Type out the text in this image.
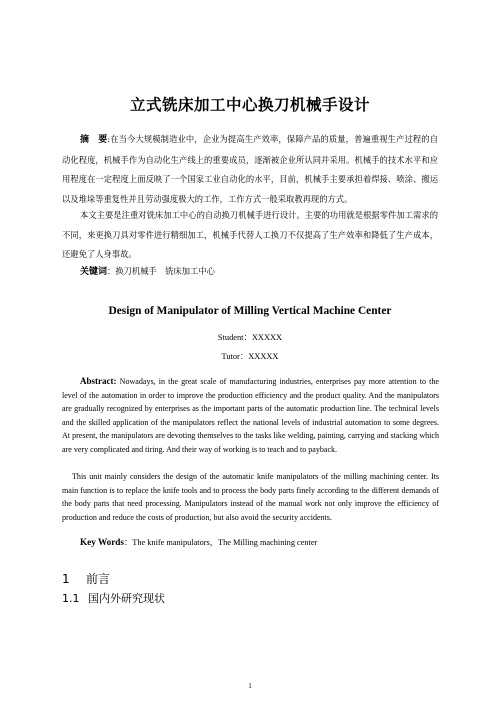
立式铣床加工中心换刀机械手设计
摘　要:在当今大规模制造业中，企业为提高生产效率，保障产品的质量，普遍重视生产过程的自动化程度，机械手作为自动化生产线上的重要成员，逐渐被企业所认同并采用。机械手的技术水平和应用程度在一定程度上面反映了一个国家工业自动化的水平，目前，机械手主要承担着焊接、喷涂、搬运以及堆垛等重复性并且劳动强度极大的工作，工作方式一般采取教再现的方式。
本文主要是注重对铣床加工中心的自动换刀机械手进行设计。主要的功用就是根据零件加工需求的不同，来更换刀具对零件进行精细加工，机械手代替人工换刀不仅提高了生产效率和降低了生产成本，还避免了人身事故。
关键词：换刀机械手　铣床加工中心
Design of Manipulator of Milling Vertical Machine Center
Student：XXXXX
Tutor：XXXXX
Abstract: Nowadays, in the great scale of manufacturing industries, enterprises pay more attention to the level of the automation in order to improve the production efficiency and the product quality. And the manipulators are gradually recognized by enterprises as the important parts of the automatic production line. The technical levels and the skilled application of the manipulators reflect the national levels of industrial automation to some degrees. At present, the manipulators are devoting themselves to the tasks like welding, painting, carrying and stacking which are very complicated and tiring. And their way of working is to teach and to payback.
This unit mainly considers the design of the automatic knife manipulators of the milling machining center. Its main function is to replace the knife tools and to process the body parts finely according to the different demands of the body parts that need processing. Manipulators instead of the manual work not only improve the efficiency of production and reduce the costs of production, but also avoid the security accidents.
Key Words：The knife manipulators，The Milling machining center
1 前言
1.1 国内外研究现状
1
